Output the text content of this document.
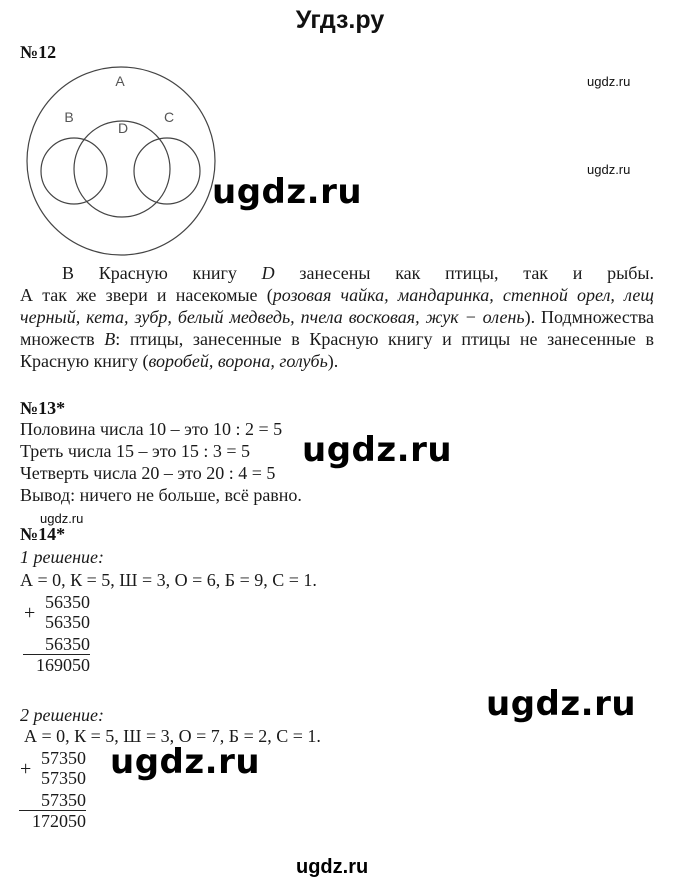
Угдз.ру
№12
A
B
D
C
ugdz.ru
ugdz.ru
ugdz.ru

В Красную книгу D занесены как птицы, так и рыбы.

А так же звери и насекомые (розовая чайка, мандаринка, степной орел, лещ черный, кета, зубр, белый медведь, пчела восковая, жук − олень). Подмножества множеств B: птицы, занесенные в Красную книгу и птицы не занесенные в Красную книгу (воробей, ворона, голубь).

№13*
Половина числа 10 – это 10 : 2 = 5
Треть числа 15 – это 15 : 3 = 5
Четверть числа 20 – это 20 : 4 = 5
Вывод: ничего не больше, всё равно.
ugdz.ru
ugdz.ru
№14*
1 решение:
А = 0, К = 5, Ш = 3, О = 6, Б = 9, С = 1.
+ 56350
56350
56350
169050
2 решение:
А = 0, К = 5, Ш = 3, О = 7, Б = 2, С = 1.
+ 57350
57350
57350
172050
ugdz.ru
ugdz.ru
ugdz.ru
